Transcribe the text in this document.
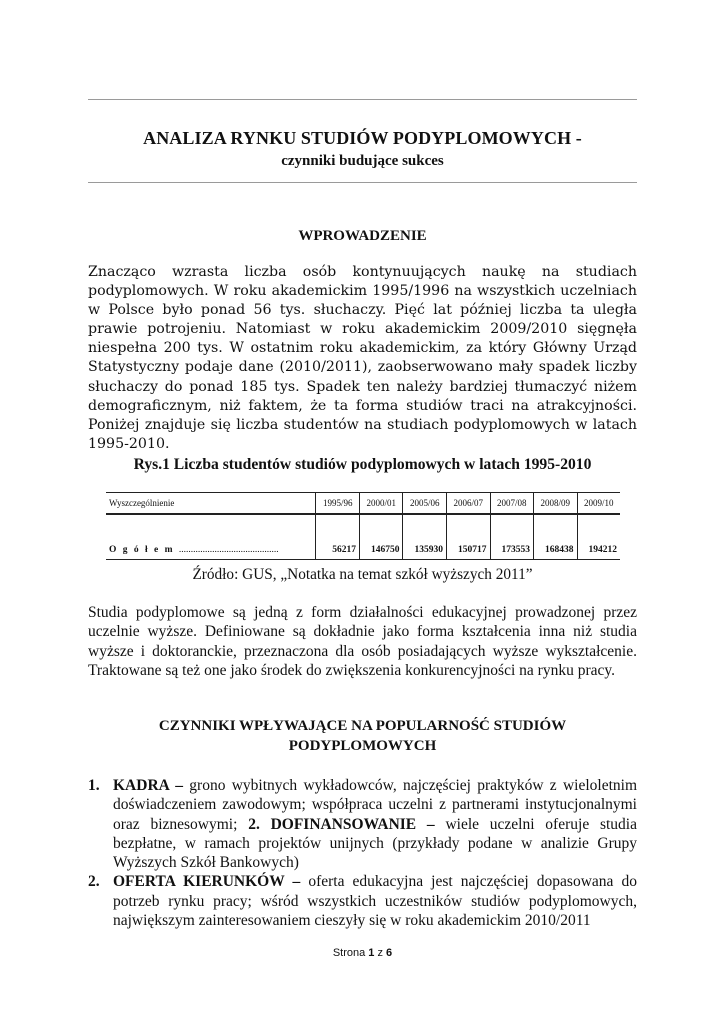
ANALIZA RYNKU STUDIÓW PODYPLOMOWYCH -
czynniki budujące sukces
WPROWADZENIE
Znacząco wzrasta liczba osób kontynuujących naukę na studiach podyplomowych. W roku akademickim 1995/1996 na wszystkich uczelniach w Polsce było ponad 56 tys. słuchaczy. Pięć lat później liczba ta uległa prawie potrojeniu. Natomiast w roku akademickim 2009/2010 sięgnęła niespełna 200 tys. W ostatnim roku akademickim, za który Główny Urząd Statystyczny podaje dane (2010/2011), zaobserwowano mały spadek liczby słuchaczy do ponad 185 tys. Spadek ten należy bardziej tłumaczyć niżem demograficznym, niż faktem, że ta forma studiów traci na atrakcyjności. Poniżej znajduje się liczba studentów na studiach podyplomowych w latach 1995-2010.
Rys.1 Liczba studentów studiów podyplomowych w latach 1995-2010
Wyszczególnienie	1995/96	2000/01	2005/06	2006/07	2007/08	2008/09	2009/10
O g ó ł e m ..........................................	56217	146750	135930	150717	173553	168438	194212
Źródło: GUS, „Notatka na temat szkół wyższych 2011”
Studia podyplomowe są jedną z form działalności edukacyjnej prowadzonej przez uczelnie wyższe. Definiowane są dokładnie jako forma kształcenia inna niż studia wyższe i doktoranckie, przeznaczona dla osób posiadających wyższe wykształcenie. Traktowane są też one jako środek do zwiększenia konkurencyjności na rynku pracy.
CZYNNIKI WPŁYWAJĄCE NA POPULARNOŚĆ STUDIÓW
PODYPLOMOWYCH
1. KADRA – grono wybitnych wykładowców, najczęściej praktyków z wieloletnim doświadczeniem zawodowym; współpraca uczelni z partnerami instytucjonalnymi oraz biznesowymi; 2. DOFINANSOWANIE – wiele uczelni oferuje studia bezpłatne, w ramach projektów unijnych (przykłady podane w analizie Grupy Wyższych Szkół Bankowych)
2. OFERTA KIERUNKÓW – oferta edukacyjna jest najczęściej dopasowana do potrzeb rynku pracy; wśród wszystkich uczestników studiów podyplomowych, największym zainteresowaniem cieszyły się w roku akademickim 2010/2011
Strona 1 z 6
